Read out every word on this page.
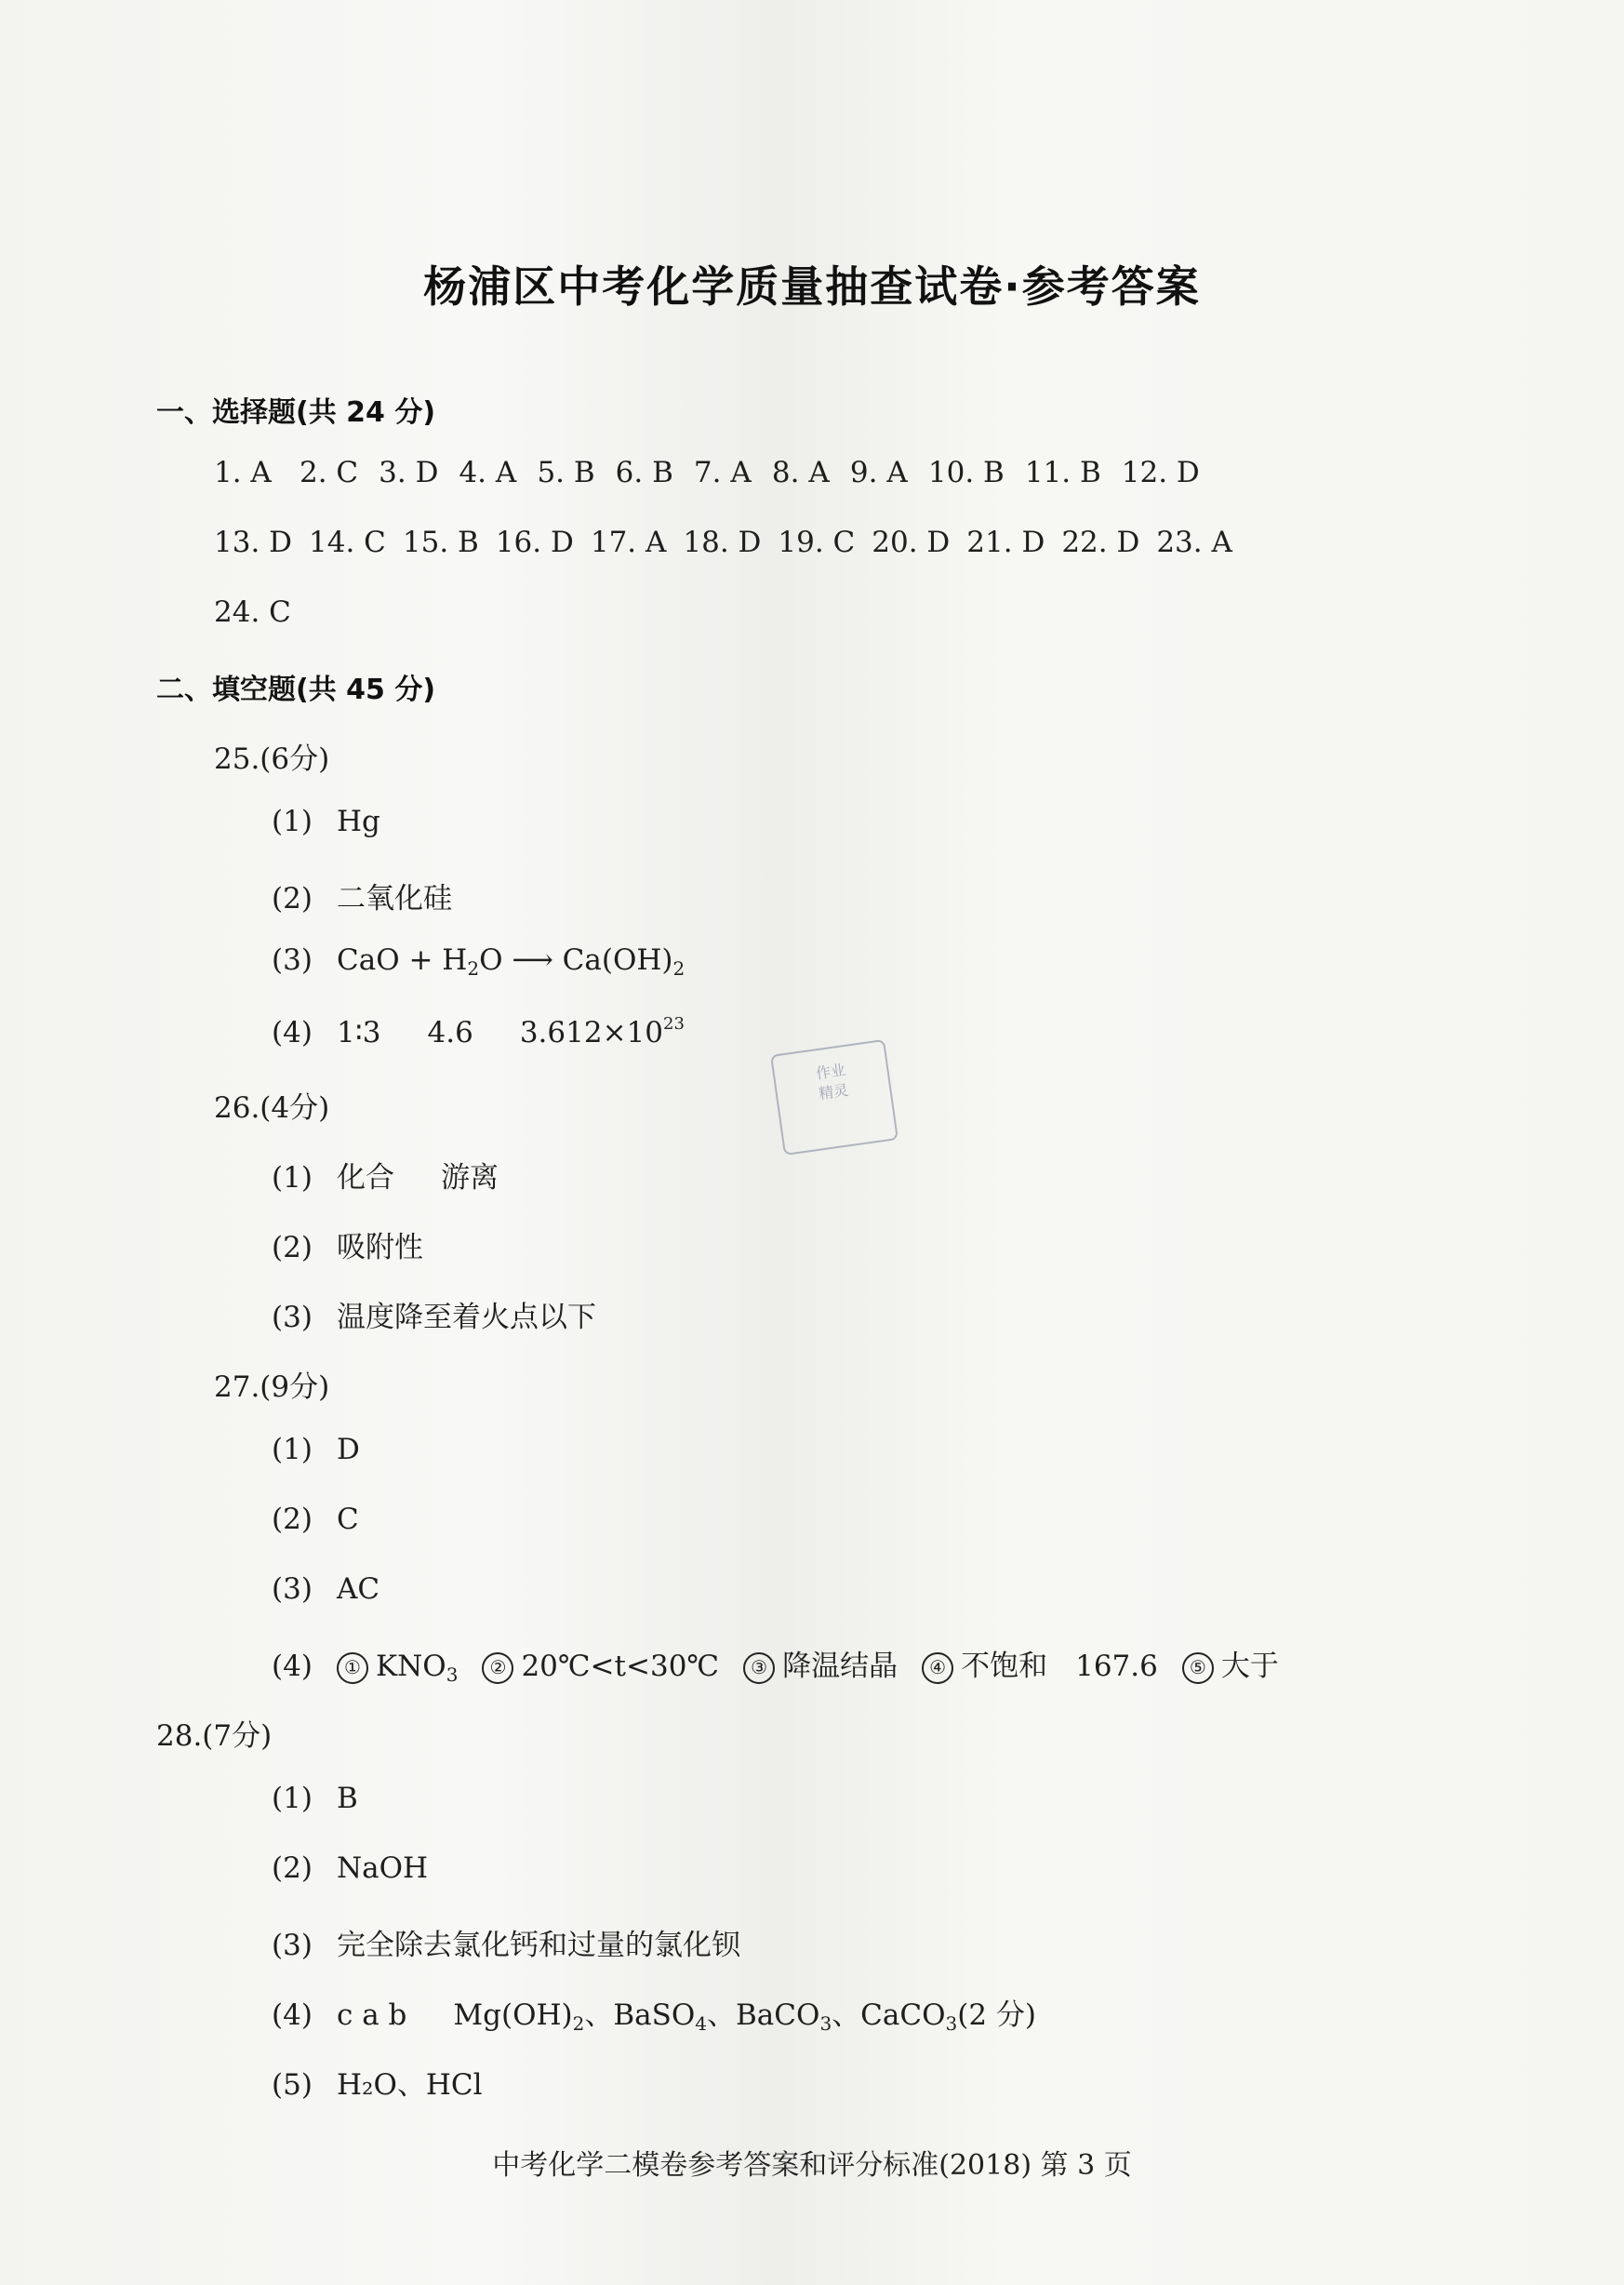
杨浦区中考化学质量抽查试卷·参考答案
一、选择题(共 24 分)
1. A 2. C 3. D 4. A 5. B 6. B 7. A 8. A 9. A 10. B 11. B 12. D
13. D 14. C 15. B 16. D 17. A 18. D 19. C 20. D 21. D 22. D 23. A
24. C
二、填空题(共 45 分)
25.(6分)
(1) Hg
(2) 二氧化硅
(3) CaO + $H_2O$ ⟶ $Ca(OH)_2$
(4) 1∶3 4.6 $3.612\times 10^{23}$
26.(4分)
(1) 化合 游离
(2) 吸附性
(3) 温度降至着火点以下
27.(9分)
(1) D
(2) C
(3) AC
(4) ① $KNO_3$ ② 20℃<t<30℃ ③ 降温结晶 ④ 不饱和 167.6 ⑤ 大于
28.(7分)
(1) B
(2) NaOH
(3) 完全除去氯化钙和过量的氯化钡
(4) c a b $Mg(OH)_2$、BaSO$_4$、BaCO$_3$、CaCO$_3$(2 分)
(5) H₂O、HCl
作业
精灵
中考化学二模卷参考答案和评分标准(2018) 第 3 页
